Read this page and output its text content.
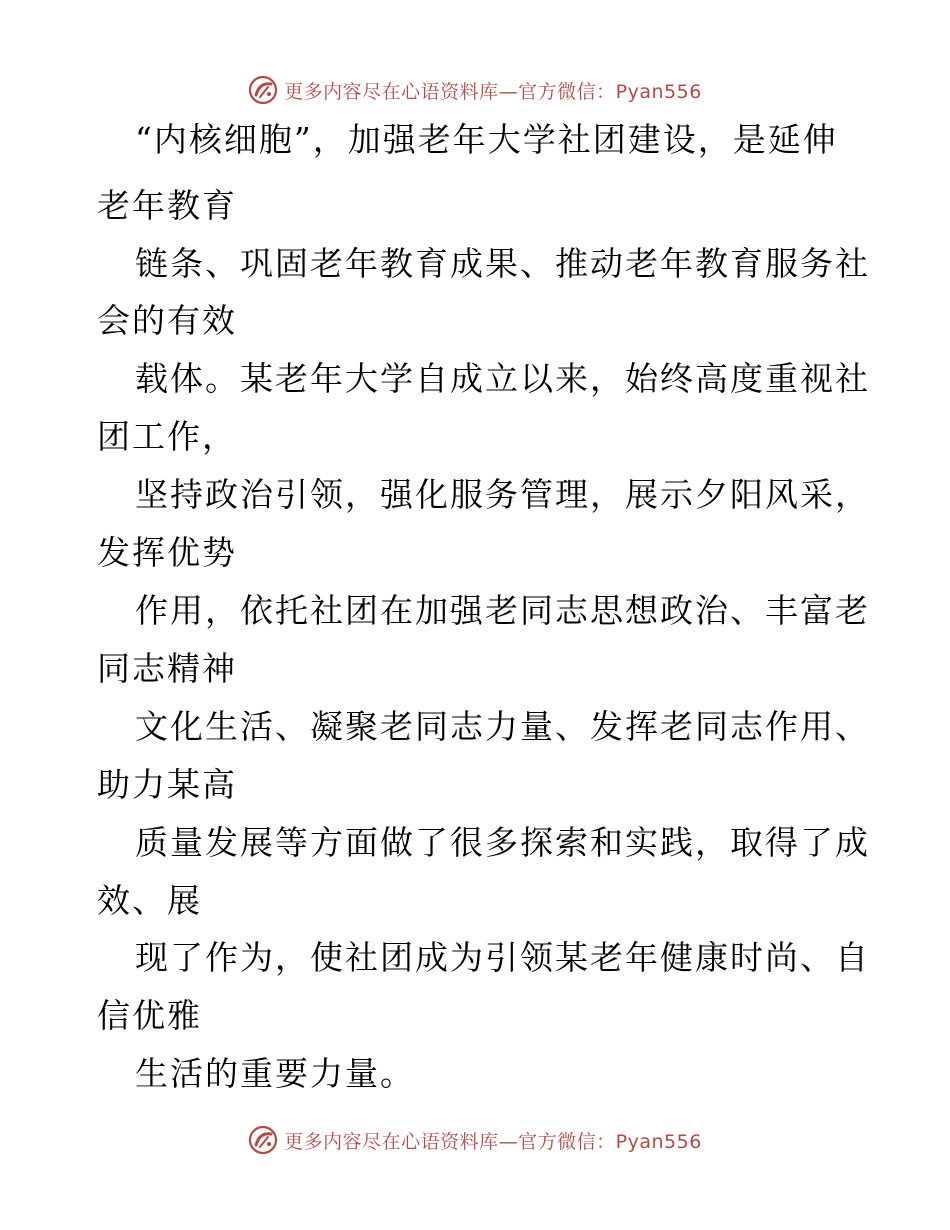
更多内容尽在心语资料库—官方微信：Pyan556
“内核细胞”，加强老年大学社团建设，是延伸
老年教育
链条、巩固老年教育成果、推动老年教育服务社
会的有效
载体。某老年大学自成立以来，始终高度重视社
团工作，
坚持政治引领，强化服务管理，展示夕阳风采，
发挥优势
作用，依托社团在加强老同志思想政治、丰富老
同志精神
文化生活、凝聚老同志力量、发挥老同志作用、
助力某高
质量发展等方面做了很多探索和实践，取得了成
效、展
现了作为，使社团成为引领某老年健康时尚、自
信优雅
生活的重要力量。
更多内容尽在心语资料库—官方微信：Pyan556
